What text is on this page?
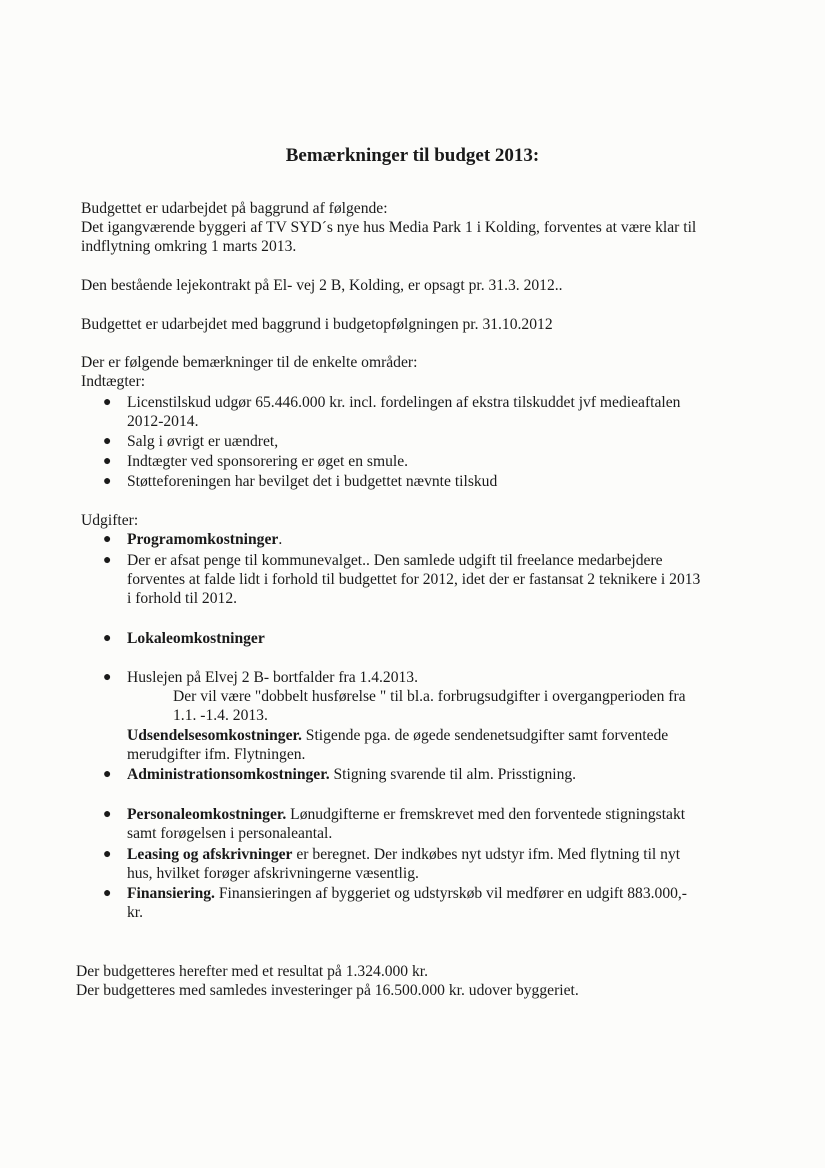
Bemærkninger til budget 2013:
Budgettet er udarbejdet på baggrund af følgende:
Det igangværende byggeri af TV SYD´s nye hus Media Park 1 i Kolding, forventes at være klar til
indflytning omkring 1 marts 2013.
Den bestående lejekontrakt på El- vej 2 B, Kolding, er opsagt pr. 31.3. 2012..
Budgettet er udarbejdet med baggrund i budgetopfølgningen pr. 31.10.2012
Der er følgende bemærkninger til de enkelte områder:
Indtægter:
● Licenstilskud udgør 65.446.000 kr. incl. fordelingen af ekstra tilskuddet jvf medieaftalen
2012-2014.
● Salg i øvrigt er uændret,
● Indtægter ved sponsorering er øget en smule.
● Støtteforeningen har bevilget det i budgettet nævnte tilskud
Udgifter:
● Programomkostninger.
● Der er afsat penge til kommunevalget.. Den samlede udgift til freelance medarbejdere
forventes at falde lidt i forhold til budgettet for 2012, idet der er fastansat 2 teknikere i 2013
i forhold til 2012.
● Lokaleomkostninger
● Huslejen på Elvej 2 B- bortfalder fra 1.4.2013.
Der vil være "dobbelt husførelse " til bl.a. forbrugsudgifter i overgangperioden fra
1.1. -1.4. 2013.
Udsendelsesomkostninger. Stigende pga. de øgede sendenetsudgifter samt forventede
merudgifter ifm. Flytningen.
● Administrationsomkostninger. Stigning svarende til alm. Prisstigning.
● Personaleomkostninger. Lønudgifterne er fremskrevet med den forventede stigningstakt
samt forøgelsen i personaleantal.
● Leasing og afskrivninger er beregnet. Der indkøbes nyt udstyr ifm. Med flytning til nyt
hus, hvilket forøger afskrivningerne væsentlig.
● Finansiering. Finansieringen af byggeriet og udstyrskøb vil medfører en udgift 883.000,-
kr.
Der budgetteres herefter med et resultat på 1.324.000 kr.
Der budgetteres med samledes investeringer på 16.500.000 kr. udover byggeriet.
